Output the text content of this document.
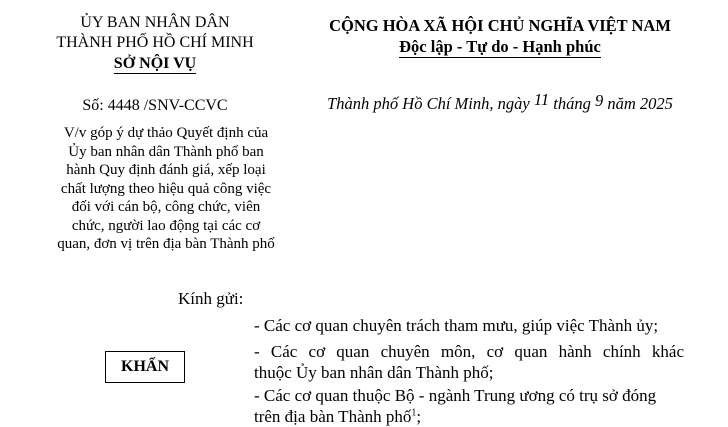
ỦY BAN NHÂN DÂN
THÀNH PHỐ HỒ CHÍ MINH
SỞ NỘI VỤ
Số: 4448 /SNV-CCVC
CỘNG HÒA XÃ HỘI CHỦ NGHĨA VIỆT NAM
Độc lập - Tự do - Hạnh phúc
Thành phố Hồ Chí Minh, ngày 11 tháng 9 năm 2025
V/v góp ý dự thảo Quyết định của
Ủy ban nhân dân Thành phố ban
hành Quy định đánh giá, xếp loại
chất lượng theo hiệu quả công việc
đối với cán bộ, công chức, viên
chức, người lao động tại các cơ
quan, đơn vị trên địa bàn Thành phố
KHẨN
Kính gửi:
- Các cơ quan chuyên trách tham mưu, giúp việc Thành ủy;
- Các cơ quan chuyên môn, cơ quan hành chính khác
thuộc Ủy ban nhân dân Thành phố;
- Các cơ quan thuộc Bộ - ngành Trung ương có trụ sở đóng
trên địa bàn Thành phố$^1$;
